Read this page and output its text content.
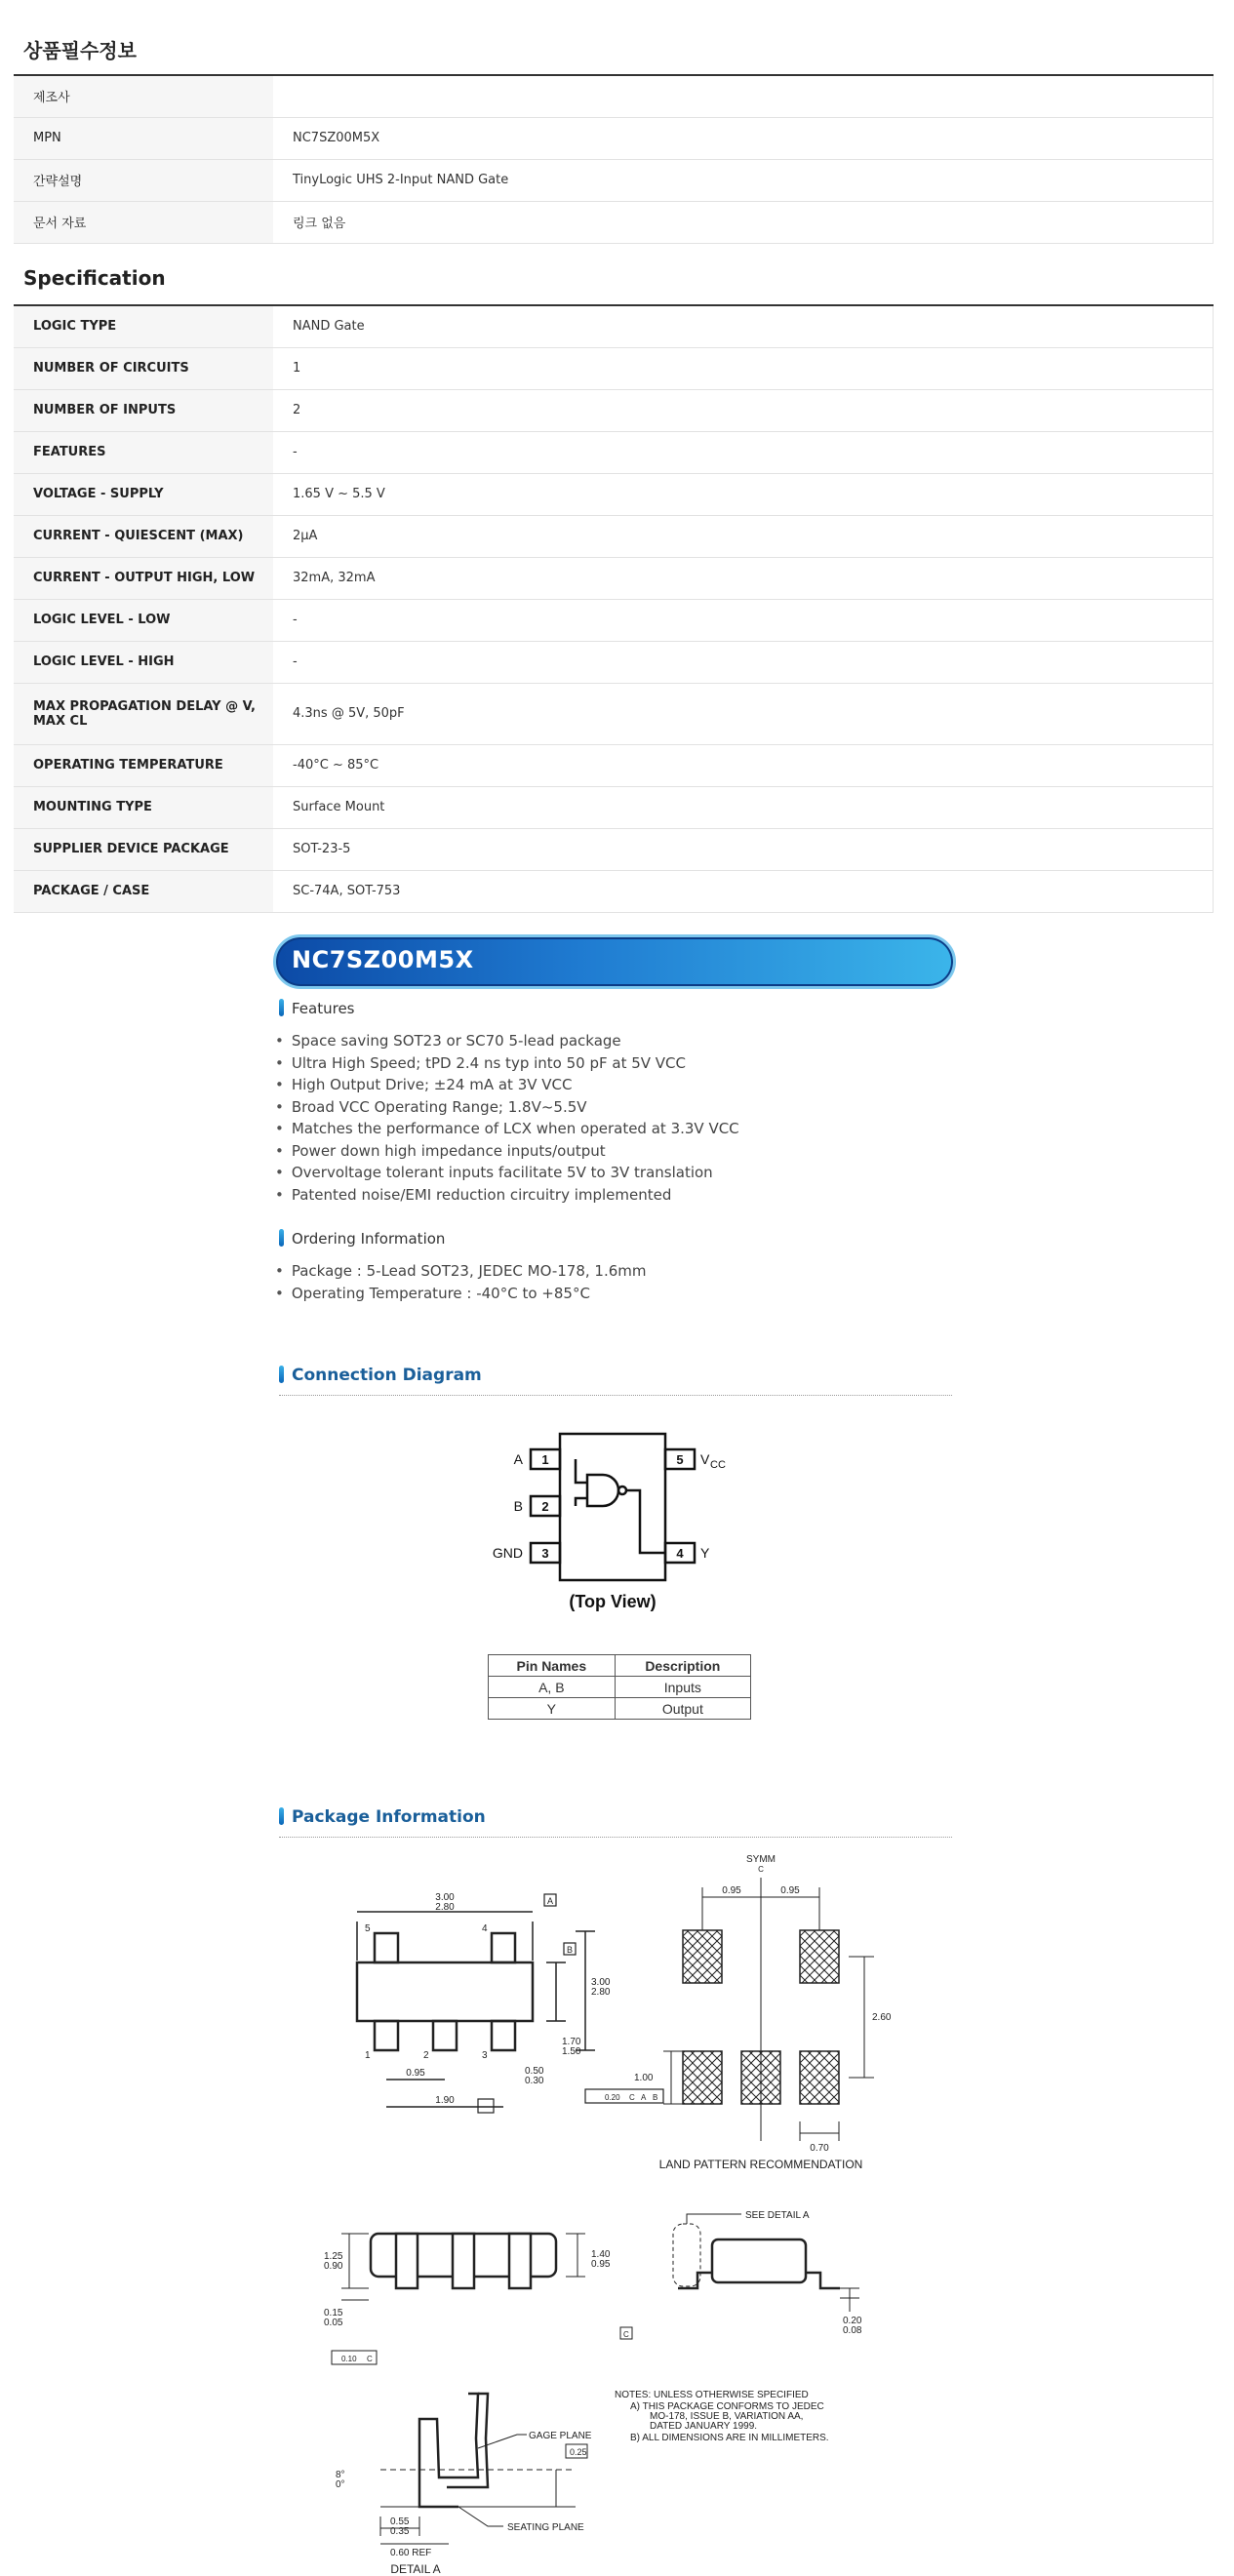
상품필수정보
제조사	
MPN	NC7SZ00M5X
간략설명	TinyLogic UHS 2-Input NAND Gate
문서 자료	링크 없음
Specification
LOGIC TYPE	NAND Gate
NUMBER OF CIRCUITS	1
NUMBER OF INPUTS	2
FEATURES	-
VOLTAGE - SUPPLY	1.65 V ~ 5.5 V
CURRENT - QUIESCENT (MAX)	2µA
CURRENT - OUTPUT HIGH, LOW	32mA, 32mA
LOGIC LEVEL - LOW	-
LOGIC LEVEL - HIGH	-
MAX PROPAGATION DELAY @ V, MAX CL	4.3ns @ 5V, 50pF
OPERATING TEMPERATURE	-40°C ~ 85°C
MOUNTING TYPE	Surface Mount
SUPPLIER DEVICE PACKAGE	SOT-23-5
PACKAGE / CASE	SC-74A, SOT-753
NC7SZ00M5X
Features
• Space saving SOT23 or SC70 5-lead package
• Ultra High Speed; tPD 2.4 ns typ into 50 pF at 5V VCC
• High Output Drive; ±24 mA at 3V VCC
• Broad VCC Operating Range; 1.8V~5.5V
• Matches the performance of LCX when operated at 3.3V VCC
• Power down high impedance inputs/output
• Overvoltage tolerant inputs facilitate 5V to 3V translation
• Patented noise/EMI reduction circuitry implemented
Ordering Information
• Package : 5-Lead SOT23, JEDEC MO-178, 1.6mm
• Operating Temperature : -40°C to +85°C
Connection Diagram
1
2
3
5
4
A
B
GND
V CC
Y
(Top View)
Pin Names	Description
A, B	Inputs
Y	Output
Package Information
3.00
2.80
A
B
3.00
2.80
1.70
1.50
5	4
1	2	3
0.95
1.90
0.50
0.30
0.20 C A B
SYMM
C
0.95	0.95
2.60
1.00
0.70
LAND PATTERN RECOMMENDATION
1.25
0.90
1.40
0.95
0.15
0.05
C
0.10 C
SEE DETAIL A
0.20
0.08
8°
0°
GAGE PLANE
0.25
SEATING PLANE
0.55
0.35
0.60 REF
DETAIL A
NOTES: UNLESS OTHERWISE SPECIFIED
A) THIS PACKAGE CONFORMS TO JEDEC
MO-178, ISSUE B, VARIATION AA,
DATED JANUARY 1999.
B) ALL DIMENSIONS ARE IN MILLIMETERS.
